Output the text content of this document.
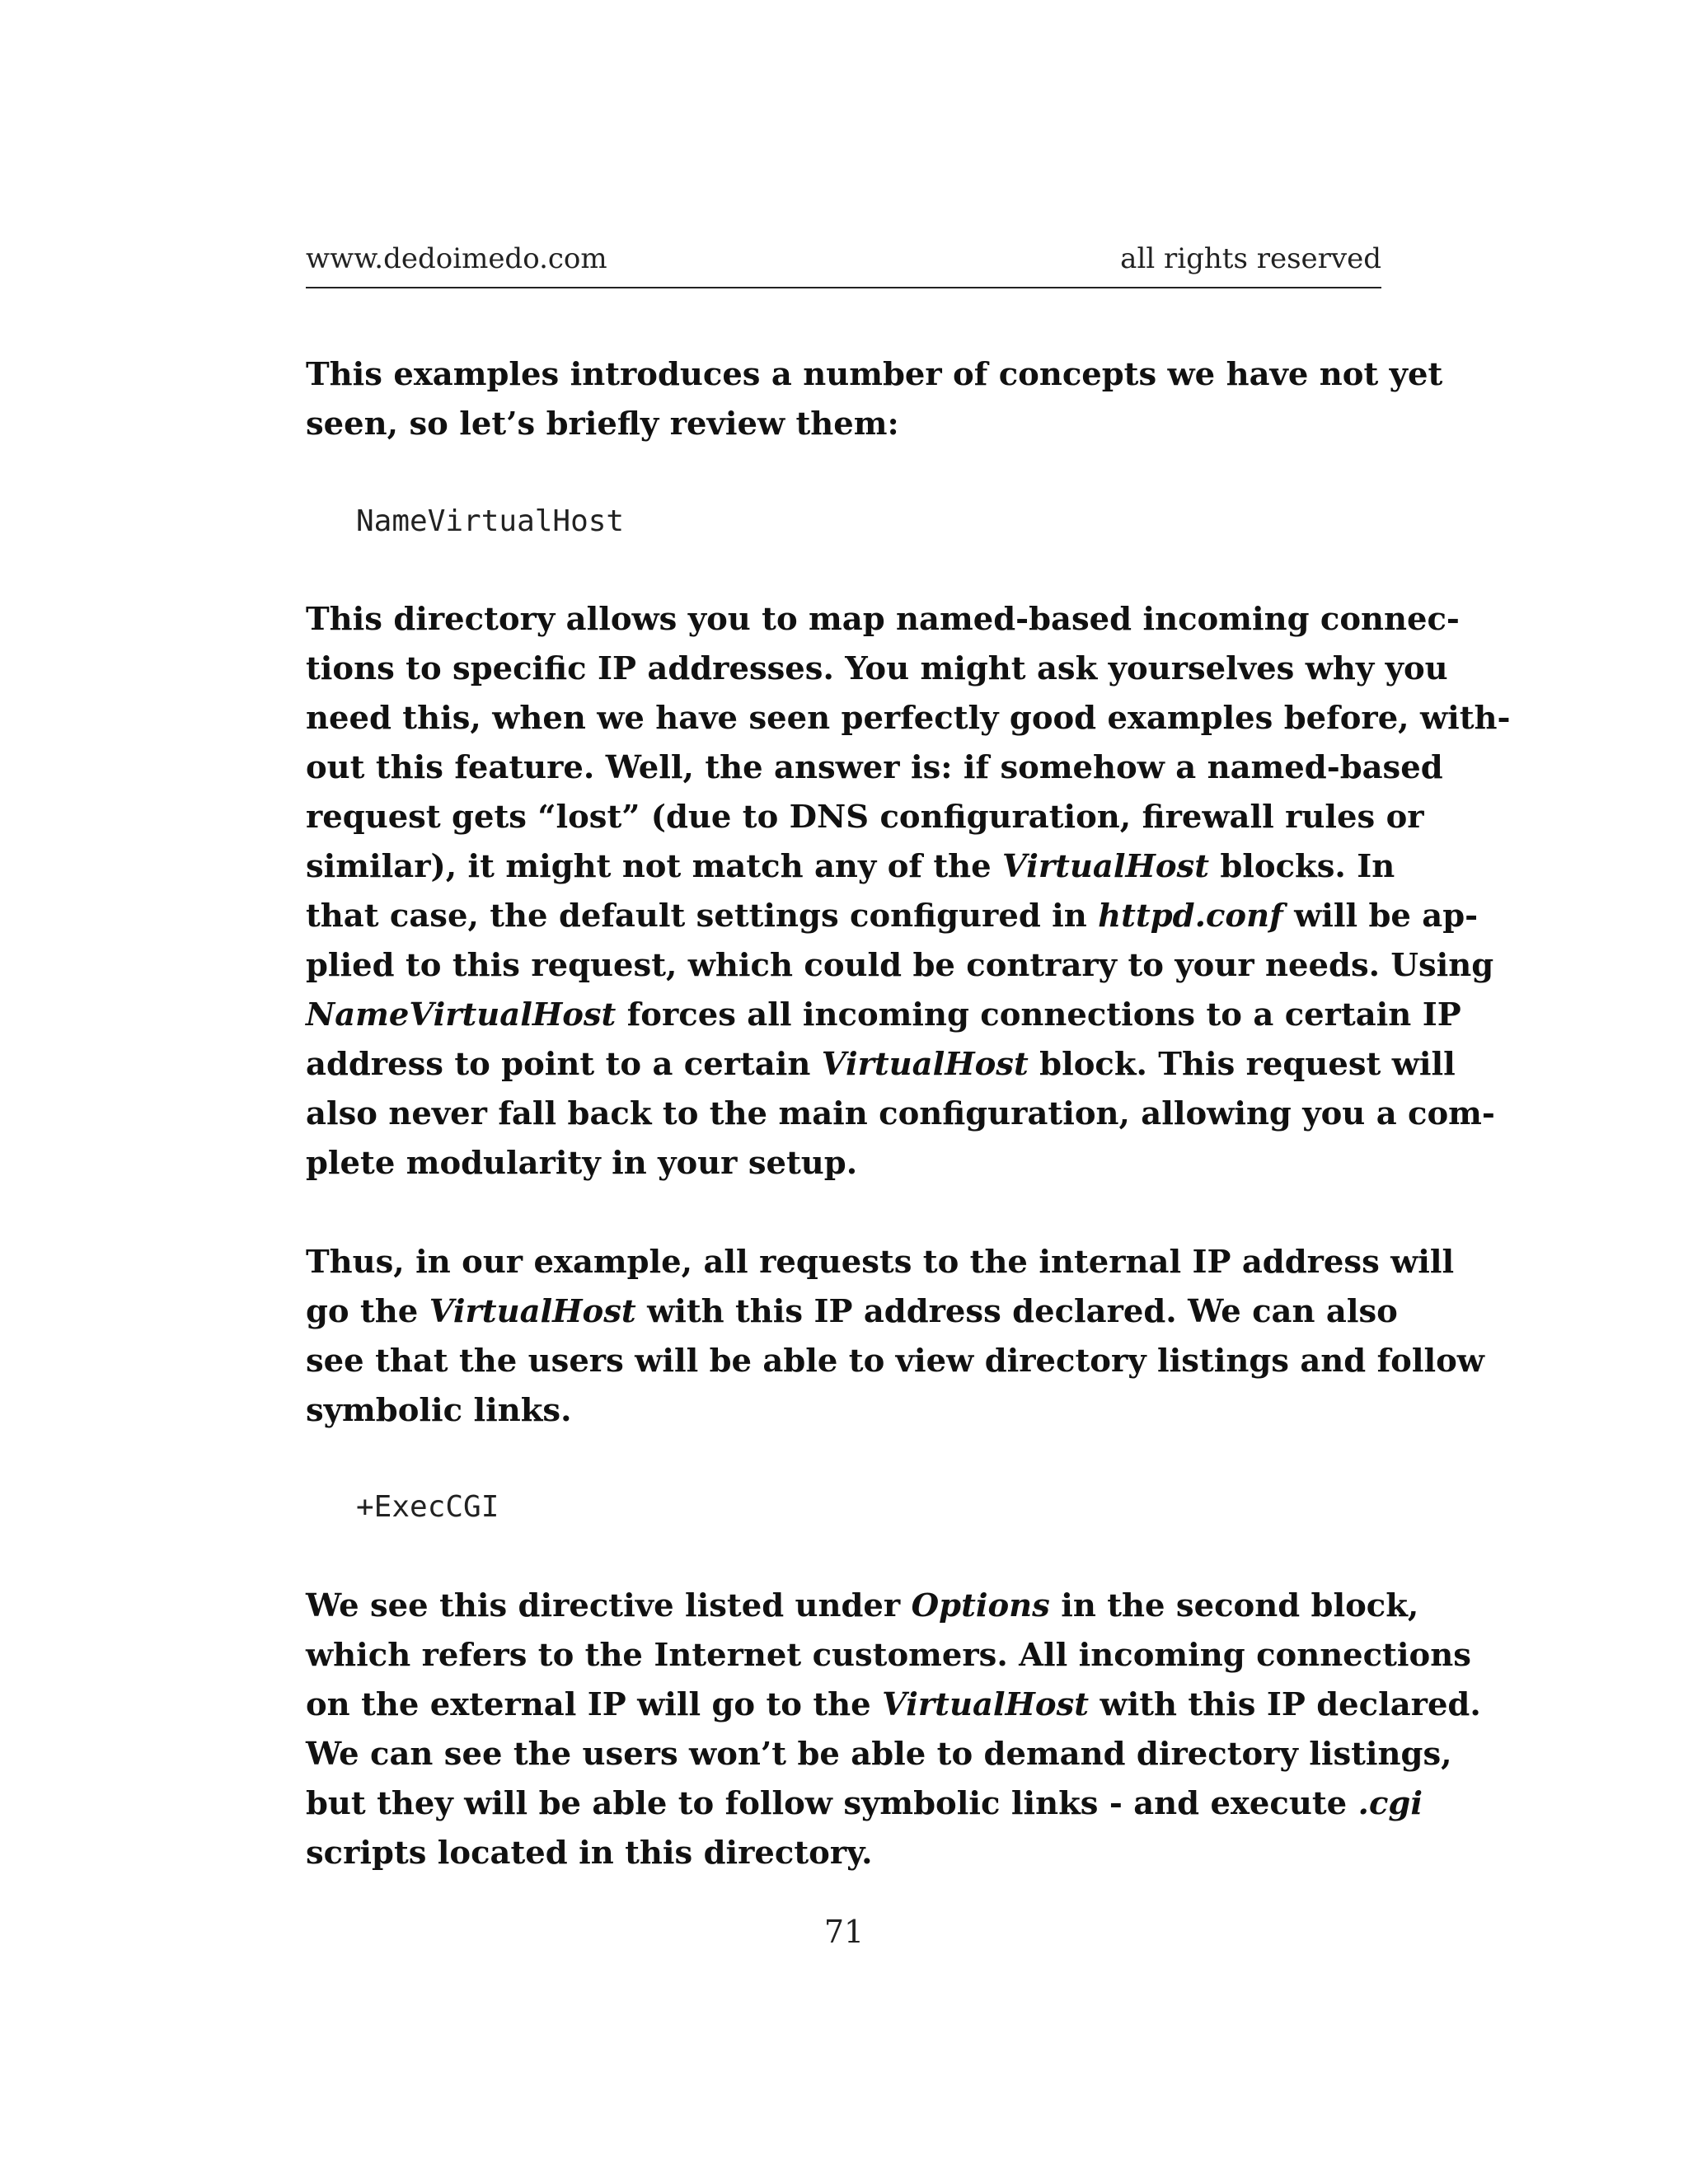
www.dedoimedo.com	all rights reserved
This examples introduces a number of concepts we have not yet
seen, so let’s briefly review them:
NameVirtualHost
This directory allows you to map named-based incoming connec-
tions to specific IP addresses. You might ask yourselves why you
need this, when we have seen perfectly good examples before, with-
out this feature. Well, the answer is: if somehow a named-based
request gets “lost” (due to DNS configuration, firewall rules or
similar), it might not match any of the VirtualHost blocks. In
that case, the default settings configured in httpd.conf will be ap-
plied to this request, which could be contrary to your needs. Using
NameVirtualHost forces all incoming connections to a certain IP
address to point to a certain VirtualHost block. This request will
also never fall back to the main configuration, allowing you a com-
plete modularity in your setup.
Thus, in our example, all requests to the internal IP address will
go the VirtualHost with this IP address declared. We can also
see that the users will be able to view directory listings and follow
symbolic links.
+ExecCGI
We see this directive listed under Options in the second block,
which refers to the Internet customers. All incoming connections
on the external IP will go to the VirtualHost with this IP declared.
We can see the users won’t be able to demand directory listings,
but they will be able to follow symbolic links - and execute .cgi
scripts located in this directory.
71
